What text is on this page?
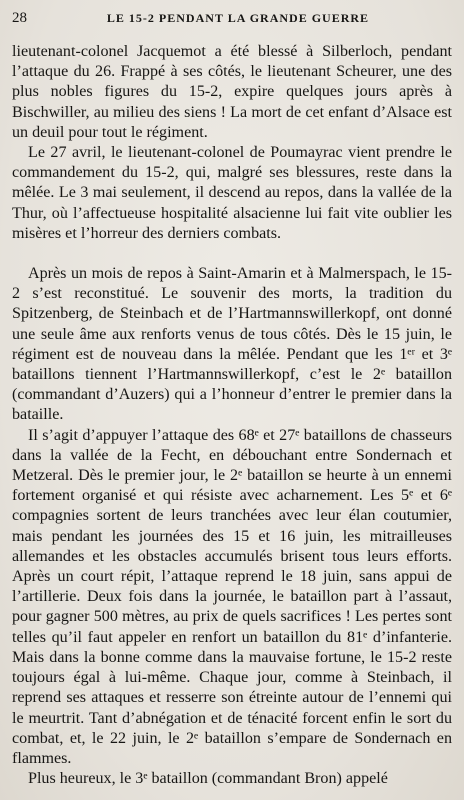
28	LE 15-2 PENDANT LA GRANDE GUERRE

lieutenant-colonel Jacquemot a été blessé à Silberloch, pendant l’attaque du 26. Frappé à ses côtés, le lieutenant Scheurer, une des plus nobles figures du 15-2, expire quelques jours après à Bischwiller, au milieu des siens ! La mort de cet enfant d’Alsace est un deuil pour tout le régiment.

Le 27 avril, le lieutenant-colonel de Poumayrac vient prendre le commandement du 15-2, qui, malgré ses blessures, reste dans la mêlée. Le 3 mai seulement, il descend au repos, dans la vallée de la Thur, où l’affectueuse hospitalité alsacienne lui fait vite oublier les misères et l’horreur des derniers combats.

Après un mois de repos à Saint-Amarin et à Malmerspach, le 15-2 s’est reconstitué. Le souvenir des morts, la tradition du Spitzenberg, de Steinbach et de l’Hartmannswillerkopf, ont donné une seule âme aux renforts venus de tous côtés. Dès le 15 juin, le régiment est de nouveau dans la mêlée. Pendant que les 1ᵉʳ et 3ᵉ bataillons tiennent l’Hartmannswillerkopf, c’est le 2ᵉ bataillon (commandant d’Auzers) qui a l’honneur d’entrer le premier dans la bataille.

Il s’agit d’appuyer l’attaque des 68ᵉ et 27ᵉ bataillons de chasseurs dans la vallée de la Fecht, en débouchant entre Sondernach et Metzeral. Dès le premier jour, le 2ᵉ bataillon se heurte à un ennemi fortement organisé et qui résiste avec acharnement. Les 5ᵉ et 6ᵉ compagnies sortent de leurs tranchées avec leur élan coutumier, mais pendant les journées des 15 et 16 juin, les mitrailleuses allemandes et les obstacles accumulés brisent tous leurs efforts. Après un court répit, l’attaque reprend le 18 juin, sans appui de l’artillerie. Deux fois dans la journée, le bataillon part à l’assaut, pour gagner 500 mètres, au prix de quels sacrifices ! Les pertes sont telles qu’il faut appeler en renfort un bataillon du 81ᵉ d’infanterie. Mais dans la bonne comme dans la mauvaise fortune, le 15-2 reste toujours égal à lui-même. Chaque jour, comme à Steinbach, il reprend ses attaques et resserre son étreinte autour de l’ennemi qui le meurtrit. Tant d’abnégation et de ténacité forcent enfin le sort du combat, et, le 22 juin, le 2ᵉ bataillon s’empare de Sondernach en flammes.

Plus heureux, le 3ᵉ bataillon (commandant Bron) appelé
